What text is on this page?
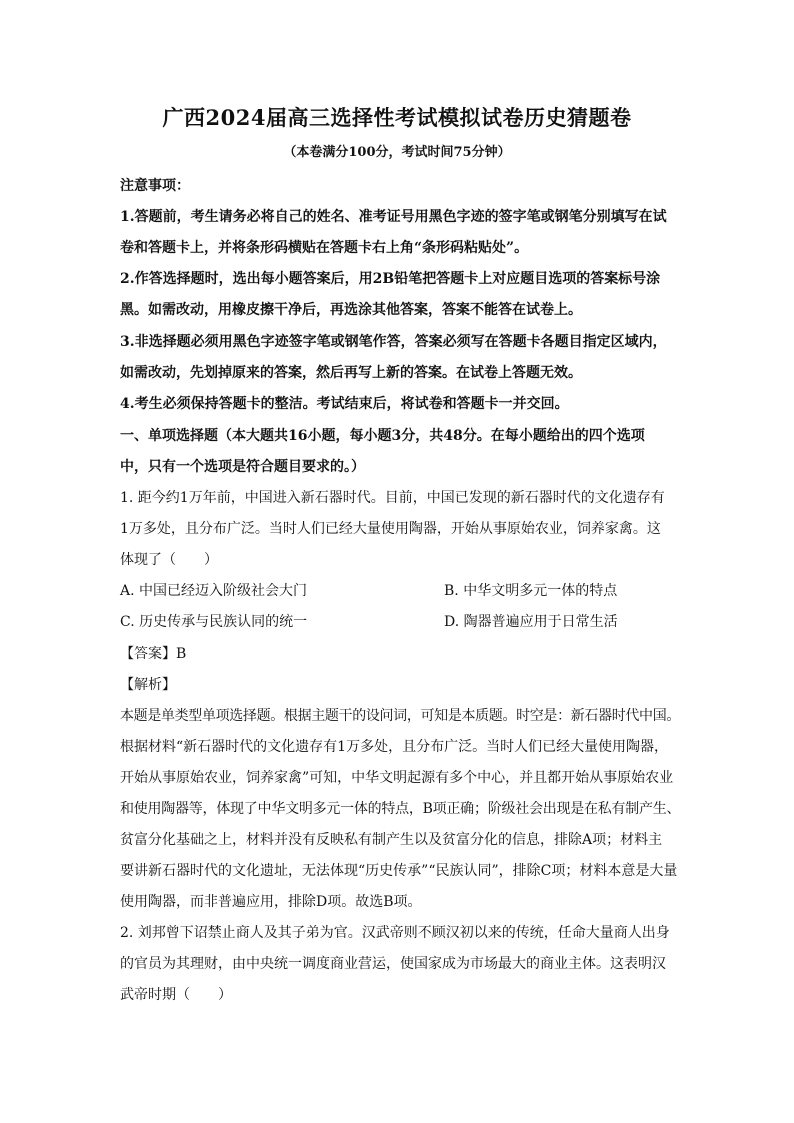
广西2024届高三选择性考试模拟试卷历史猜题卷
（本卷满分100分，考试时间75分钟）
注意事项：
1.答题前，考生请务必将自己的姓名、准考证号用黑色字迹的签字笔或钢笔分别填写在试
卷和答题卡上，并将条形码横贴在答题卡右上角“条形码粘贴处”。
2.作答选择题时，选出每小题答案后，用2B铅笔把答题卡上对应题目选项的答案标号涂
黑。如需改动，用橡皮擦干净后，再选涂其他答案，答案不能答在试卷上。
3.非选择题必须用黑色字迹签字笔或钢笔作答，答案必须写在答题卡各题目指定区域内，
如需改动，先划掉原来的答案，然后再写上新的答案。在试卷上答题无效。
4.考生必须保持答题卡的整洁。考试结束后，将试卷和答题卡一并交回。
一、单项选择题（本大题共16小题，每小题3分，共48分。在每小题给出的四个选项
中，只有一个选项是符合题目要求的。）
1. 距今约1万年前，中国进入新石器时代。目前，中国已发现的新石器时代的文化遗存有
1万多处，且分布广泛。当时人们已经大量使用陶器，开始从事原始农业，饲养家禽。这
体现了（　　）
A. 中国已经迈入阶级社会大门	B. 中华文明多元一体的特点
C. 历史传承与民族认同的统一	D. 陶器普遍应用于日常生活
【答案】B
【解析】
本题是单类型单项选择题。根据主题干的设问词，可知是本质题。时空是：新石器时代中国。
根据材料“新石器时代的文化遗存有1万多处，且分布广泛。当时人们已经大量使用陶器，
开始从事原始农业，饲养家禽”可知，中华文明起源有多个中心，并且都开始从事原始农业
和使用陶器等，体现了中华文明多元一体的特点，B项正确；阶级社会出现是在私有制产生、
贫富分化基础之上，材料并没有反映私有制产生以及贫富分化的信息，排除A项；材料主
要讲新石器时代的文化遗址，无法体现“历史传承”“民族认同”，排除C项；材料本意是大量
使用陶器，而非普遍应用，排除D项。故选B项。
2. 刘邦曾下诏禁止商人及其子弟为官。汉武帝则不顾汉初以来的传统，任命大量商人出身
的官员为其理财，由中央统一调度商业营运，使国家成为市场最大的商业主体。这表明汉
武帝时期（　　）
